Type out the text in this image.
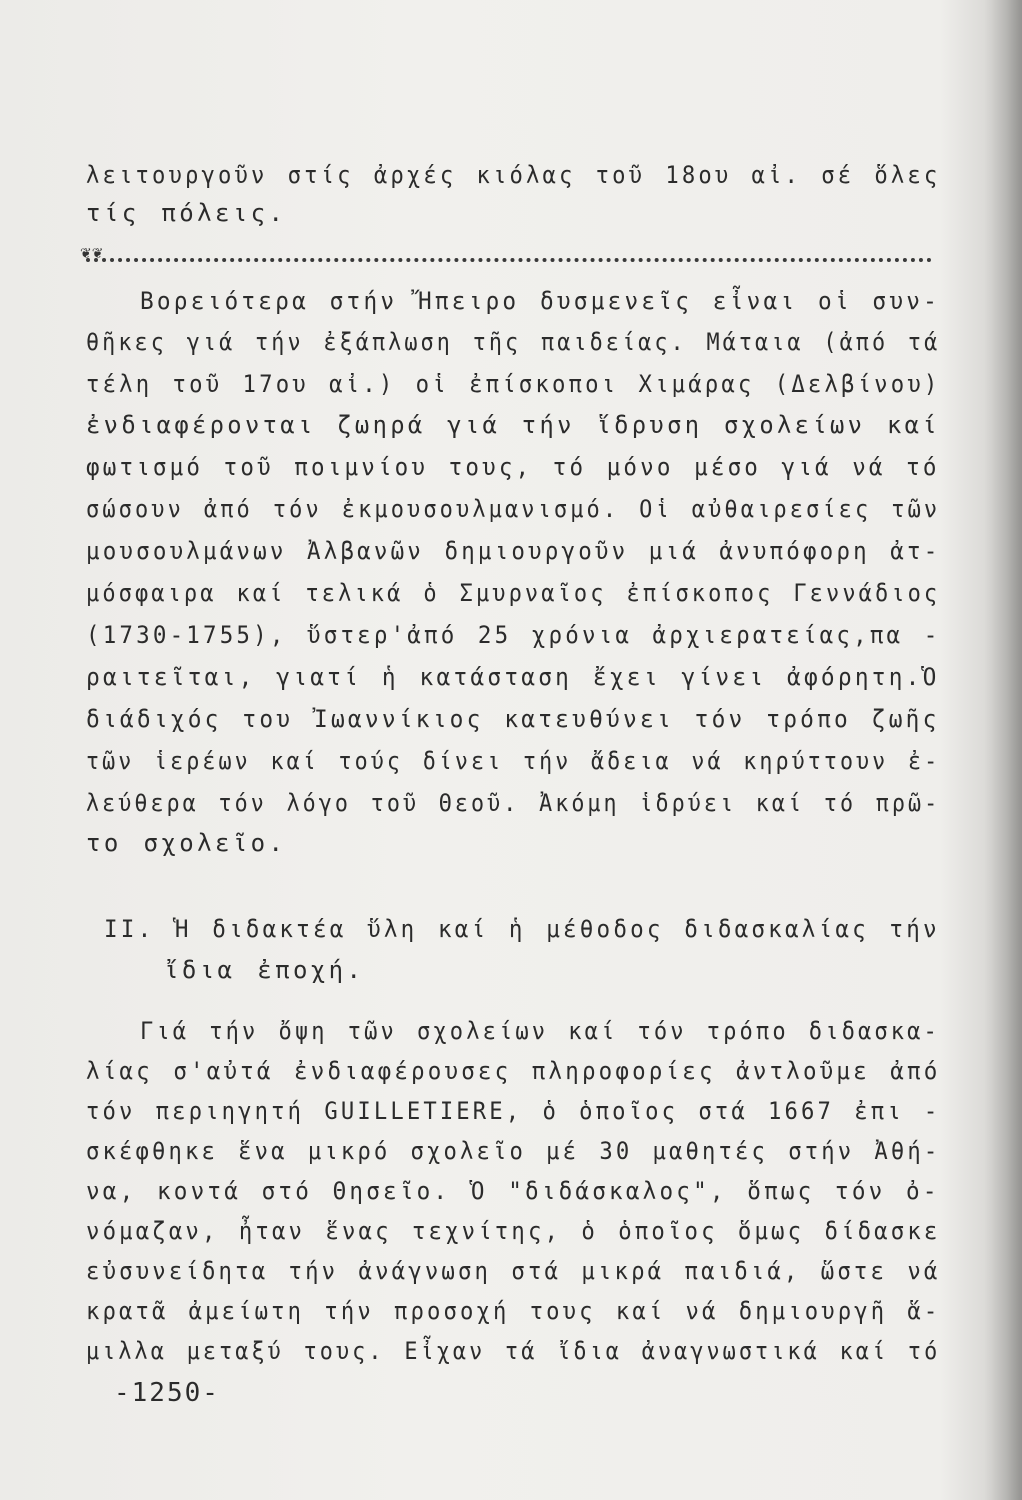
λειτουργοῦν στίς ἀρχές κιόλας τοῦ 18ου αἰ. σέ ὅλες
τίς πόλεις.
❦❦
Βορειότερα στήν Ἤπειρο δυσμενεῖς εἶναι οἱ συν-
θῆκες γιά τήν ἐξάπλωση τῆς παιδείας. Μάταια (ἀπό τά
τέλη τοῦ 17ου αἰ.) οἱ ἐπίσκοποι Χιμάρας (Δελβίνου)
ἐνδιαφέρονται ζωηρά γιά τήν ἵδρυση σχολείων καί
φωτισμό τοῦ ποιμνίου τους, τό μόνο μέσο γιά νά τό
σώσουν ἀπό τόν ἐκμουσουλμανισμό. Οἱ αὐθαιρεσίες τῶν
μουσουλμάνων Ἀλβανῶν δημιουργοῦν μιά ἀνυπόφορη ἀτ-
μόσφαιρα καί τελικά ὁ Σμυρναῖος ἐπίσκοπος Γεννάδιος
(1730-1755), ὕστερ'ἀπό 25 χρόνια ἀρχιερατείας,πα -
ραιτεῖται, γιατί ἡ κατάσταση ἔχει γίνει ἀφόρητη.Ὁ
διάδιχός του Ἰωαννίκιος κατευθύνει τόν τρόπο ζωῆς
τῶν ἱερέων καί τούς δίνει τήν ἄδεια νά κηρύττουν ἐ-
λεύθερα τόν λόγο τοῦ Θεοῦ. Ἀκόμη ἱδρύει καί τό πρῶ-
το σχολεῖο.
II. Ἡ διδακτέα ὕλη καί ἡ μέθοδος διδασκαλίας τήν
ἴδια ἐποχή.
Γιά τήν ὄψη τῶν σχολείων καί τόν τρόπο διδασκα-
λίας σ'αὐτά ἐνδιαφέρουσες πληροφορίες ἀντλοῦμε ἀπό
τόν περιηγητή GUILLETIERE, ὁ ὁποῖος στά 1667 ἐπι -
σκέφθηκε ἕνα μικρό σχολεῖο μέ 30 μαθητές στήν Ἀθή-
να, κοντά στό Θησεῖο. Ὁ "διδάσκαλος", ὅπως τόν ὀ-
νόμαζαν, ἦταν ἕνας τεχνίτης, ὁ ὁποῖος ὅμως δίδασκε
εὐσυνείδητα τήν ἀνάγνωση στά μικρά παιδιά, ὥστε νά
κρατᾶ ἀμείωτη τήν προσοχή τους καί νά δημιουργῆ ἅ-
μιλλα μεταξύ τους. Εἶχαν τά ἴδια ἀναγνωστικά καί τό
-1250-
